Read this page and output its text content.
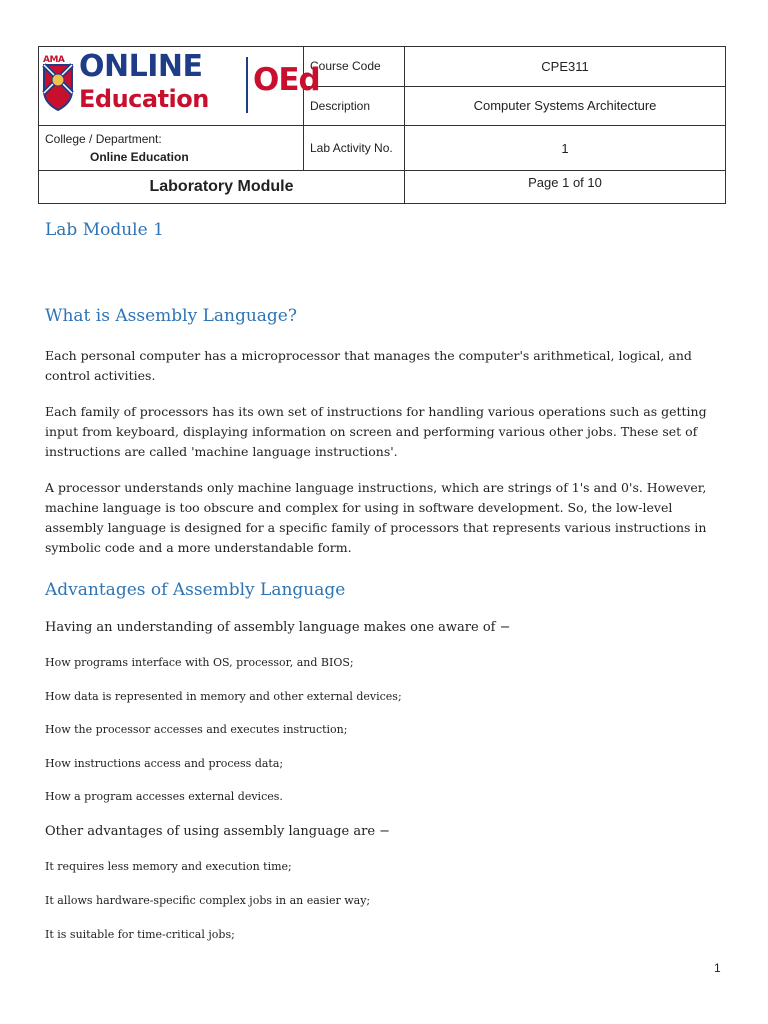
AMA ONLINE
Education
OEd	Course Code	CPE311
	Description	Computer Systems Architecture
College / Department:
Online Education	Lab Activity No.	1
Laboratory Module		Page 1 of 10
Lab Module 1
What is Assembly Language?

Each personal computer has a microprocessor that manages the computer's arithmetical, logical, and control activities.

Each family of processors has its own set of instructions for handling various operations such as getting input from keyboard, displaying information on screen and performing various other jobs. These set of instructions are called 'machine language instructions'.

A processor understands only machine language instructions, which are strings of 1's and 0's. However, machine language is too obscure and complex for using in software development. So, the low-level assembly language is designed for a specific family of processors that represents various instructions in symbolic code and a more understandable form.

Advantages of Assembly Language
Having an understanding of assembly language makes one aware of −
How programs interface with OS, processor, and BIOS;
How data is represented in memory and other external devices;
How the processor accesses and executes instruction;
How instructions access and process data;
How a program accesses external devices.
Other advantages of using assembly language are −
It requires less memory and execution time;
It allows hardware-specific complex jobs in an easier way;
It is suitable for time-critical jobs;
1
